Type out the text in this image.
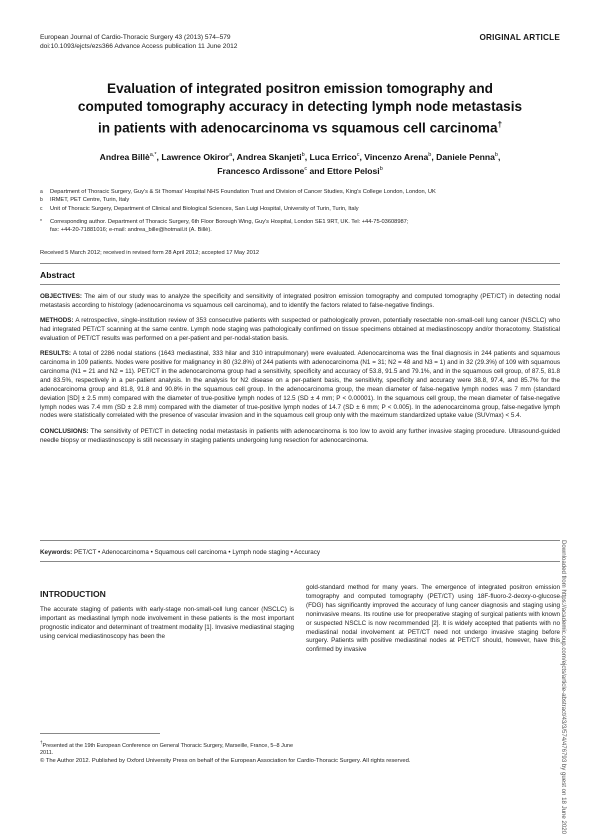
European Journal of Cardio-Thoracic Surgery 43 (2013) 574–579
doi:10.1093/ejcts/ezs366 Advance Access publication 11 June 2012
ORIGINAL ARTICLE
Evaluation of integrated positron emission tomography and
computed tomography accuracy in detecting lymph node metastasis
in patients with adenocarcinoma vs squamous cell carcinoma†
Andrea Billè$^{a,*}$, Lawrence Okiror$^a$, Andrea Skanjeti$^b$, Luca Errico$^c$, Vincenzo Arena$^b$, Daniele Penna$^b$,
Francesco Ardissone$^c$ and Ettore Pelosi$^b$
a Department of Thoracic Surgery, Guy's & St Thomas' Hospital NHS Foundation Trust and Division of Cancer Studies, King's College London, London, UK
b IRMET, PET Centre, Turin, Italy
c Unit of Thoracic Surgery, Department of Clinical and Biological Sciences, San Luigi Hospital, University of Turin, Turin, Italy
* Corresponding author. Department of Thoracic Surgery, 6th Floor Borough Wing, Guy's Hospital, London SE1 9RT, UK. Tel: +44-75-03608987;
fax: +44-20-71881016; e-mail: andrea_bille@hotmail.it (A. Billè).
Received 5 March 2012; received in revised form 28 April 2012; accepted 17 May 2012
Abstract

OBJECTIVES: The aim of our study was to analyze the specificity and sensitivity of integrated positron emission tomography and computed tomography (PET/CT) in detecting nodal metastasis according to histology (adenocarcinoma vs squamous cell carcinoma), and to identify the factors related to false-negative findings.

METHODS: A retrospective, single-institution review of 353 consecutive patients with suspected or pathologically proven, potentially resectable non-small-cell lung cancer (NSCLC) who had integrated PET/CT scanning at the same centre. Lymph node staging was pathologically confirmed on tissue specimens obtained at mediastinoscopy and/or thoracotomy. Statistical evaluation of PET/CT results was performed on a per-patient and per-nodal-station basis.

RESULTS: A total of 2286 nodal stations (1643 mediastinal, 333 hilar and 310 intrapulmonary) were evaluated. Adenocarcinoma was the final diagnosis in 244 patients and squamous carcinoma in 109 patients. Nodes were positive for malignancy in 80 (32.8%) of 244 patients with adenocarcinoma (N1 = 31; N2 = 48 and N3 = 1) and in 32 (29.3%) of 109 with squamous carcinoma (N1 = 21 and N2 = 11). PET/CT in the adenocarcinoma group had a sensitivity, specificity and accuracy of 53.8, 91.5 and 79.1%, and in the squamous cell group, of 87.5, 81.8 and 83.5%, respectively in a per-patient analysis. In the analysis for N2 disease on a per-patient basis, the sensitivity, specificity and accuracy were 38.8, 97.4, and 85.7% for the adenocarcinoma group and 81.8, 91.8 and 90.8% in the squamous cell group. In the adenocarcinoma group, the mean diameter of false-negative lymph nodes was 7 mm (standard deviation [SD] ± 2.5 mm) compared with the diameter of true-positive lymph nodes of 12.5 (SD ± 4 mm; P < 0.00001). In the squamous cell group, the mean diameter of false-negative lymph nodes was 7.4 mm (SD ± 2.8 mm) compared with the diameter of true-positive lymph nodes of 14.7 (SD ± 6 mm; P < 0.005). In the adenocarcinoma group, false-negative lymph nodes were statistically correlated with the presence of vascular invasion and in the squamous cell group only with the maximum standardized uptake value (SUVmax) < 5.4.

CONCLUSIONS: The sensitivity of PET/CT in detecting nodal metastasis in patients with adenocarcinoma is too low to avoid any further invasive staging procedure. Ultrasound-guided needle biopsy or mediastinoscopy is still necessary in staging patients undergoing lung resection for adenocarcinoma.

Keywords: PET/CT • Adenocarcinoma • Squamous cell carcinoma • Lymph node staging • Accuracy
INTRODUCTION

The accurate staging of patients with early-stage non-small-cell lung cancer (NSCLC) is important as mediastinal lymph node involvement in these patients is the most important prognostic indicator and determinant of treatment modality [1]. Invasive mediastinal staging using cervical mediastinoscopy has been the

gold-standard method for many years. The emergence of integrated positron emission tomography and computed tomography (PET/CT) using 18F-fluoro-2-deoxy-o-glucose (FDG) has significantly improved the accuracy of lung cancer diagnosis and staging using noninvasive means. Its routine use for preoperative staging of surgical patients with known or suspected NSCLC is now recommended [2]. It is widely accepted that patients with no mediastinal nodal involvement at PET/CT need not undergo invasive staging before surgery. Patients with positive mediastinal nodes at PET/CT should, however, have this confirmed by invasive

†Presented at the 19th European Conference on General Thoracic Surgery, Marseille, France, 5–8 June 2011.
© The Author 2012. Published by Oxford University Press on behalf of the European Association for Cardio-Thoracic Surgery. All rights reserved.	Downloaded from https://academic.oup.com/ejcts/article-abstract/43/3/574/476793 by guest on 18 June 2020
